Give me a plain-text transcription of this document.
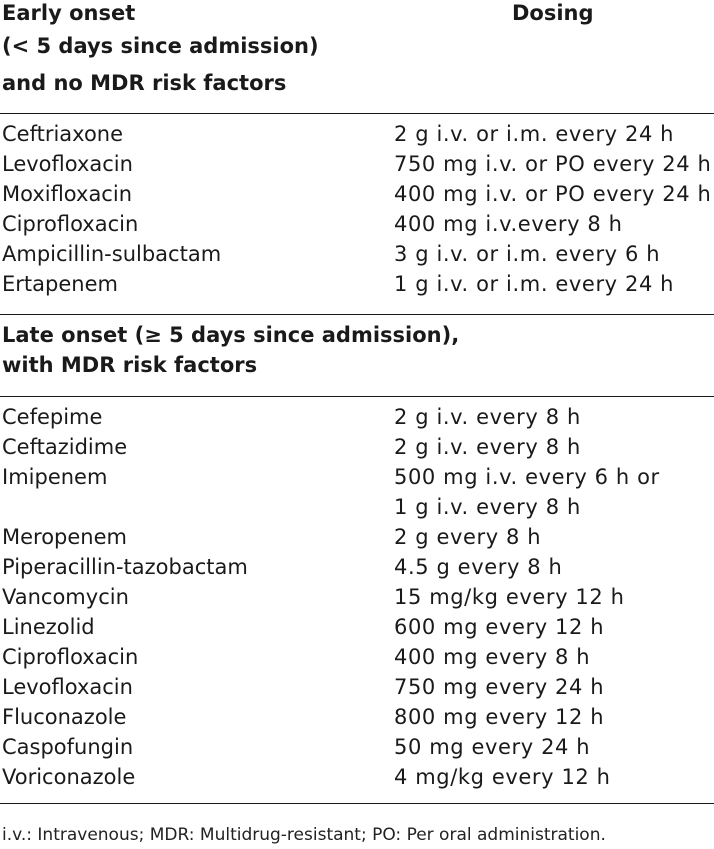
Early onset
(< 5 days since admission)
and no MDR risk factors
Dosing
Ceftriaxone	2 g i.v. or i.m. every 24 h
Levofloxacin	750 mg i.v. or PO every 24 h
Moxifloxacin	400 mg i.v. or PO every 24 h
Ciprofloxacin	400 mg i.v.every 8 h
Ampicillin-sulbactam	3 g i.v. or i.m. every 6 h
Ertapenem	1 g i.v. or i.m. every 24 h
Late onset (≥ 5 days since admission),
with MDR risk factors
Cefepime	2 g i.v. every 8 h
Ceftazidime	2 g i.v. every 8 h
Imipenem	500 mg i.v. every 6 h or
1 g i.v. every 8 h
Meropenem	2 g every 8 h
Piperacillin-tazobactam	4.5 g every 8 h
Vancomycin	15 mg/kg every 12 h
Linezolid	600 mg every 12 h
Ciprofloxacin	400 mg every 8 h
Levofloxacin	750 mg every 24 h
Fluconazole	800 mg every 12 h
Caspofungin	50 mg every 24 h
Voriconazole	4 mg/kg every 12 h
i.v.: Intravenous; MDR: Multidrug-resistant; PO: Per oral administration.
